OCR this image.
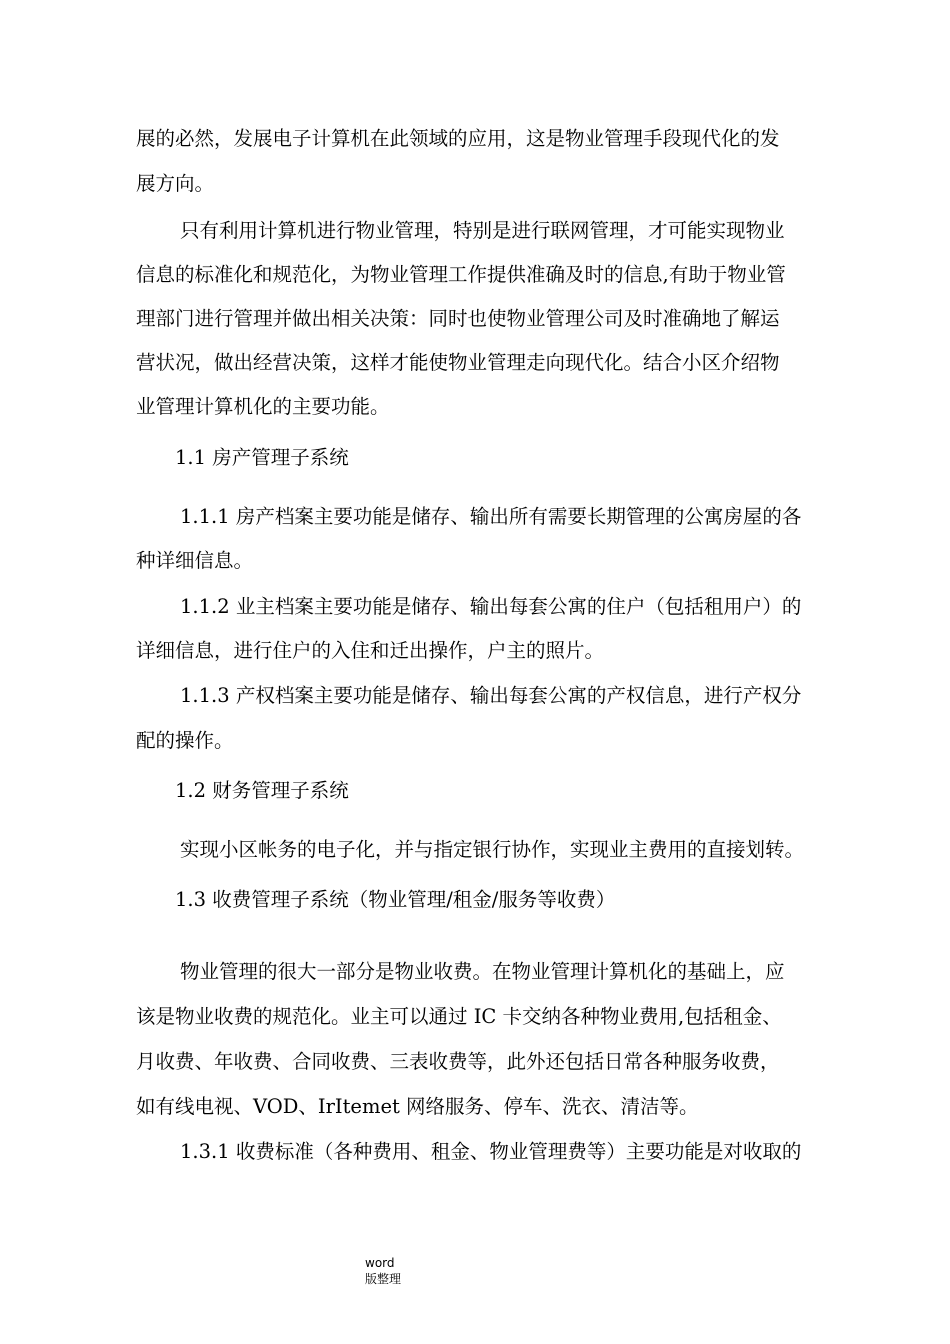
展的必然，发展电子计算机在此领域的应用，这是物业管理手段现代化的发
展方向。
只有利用计算机进行物业管理，特别是进行联网管理，才可能实现物业
信息的标准化和规范化，为物业管理工作提供准确及时的信息,有助于物业管
理部门进行管理并做出相关决策：同时也使物业管理公司及时准确地了解运
营状况，做出经营决策，这样才能使物业管理走向现代化。结合小区介绍物
业管理计算机化的主要功能。
1.1 房产管理子系统
1.1.1 房产档案主要功能是储存、输出所有需要长期管理的公寓房屋的各
种详细信息。
1.1.2 业主档案主要功能是储存、输出每套公寓的住户（包括租用户）的
详细信息，进行住户的入住和迁出操作，户主的照片。
1.1.3 产权档案主要功能是储存、输出每套公寓的产权信息，进行产权分
配的操作。
1.2 财务管理子系统
实现小区帐务的电子化，并与指定银行协作，实现业主费用的直接划转。
1.3 收费管理子系统（物业管理/租金/服务等收费）
物业管理的很大一部分是物业收费。在物业管理计算机化的基础上，应
该是物业收费的规范化。业主可以通过 IC 卡交纳各种物业费用,包括租金、
月收费、年收费、合同收费、三表收费等，此外还包括日常各种服务收费，
如有线电视、VOD、IrItemet 网络服务、停车、洗衣、清洁等。
1.3.1 收费标准（各种费用、租金、物业管理费等）主要功能是对收取的
word
版整理
